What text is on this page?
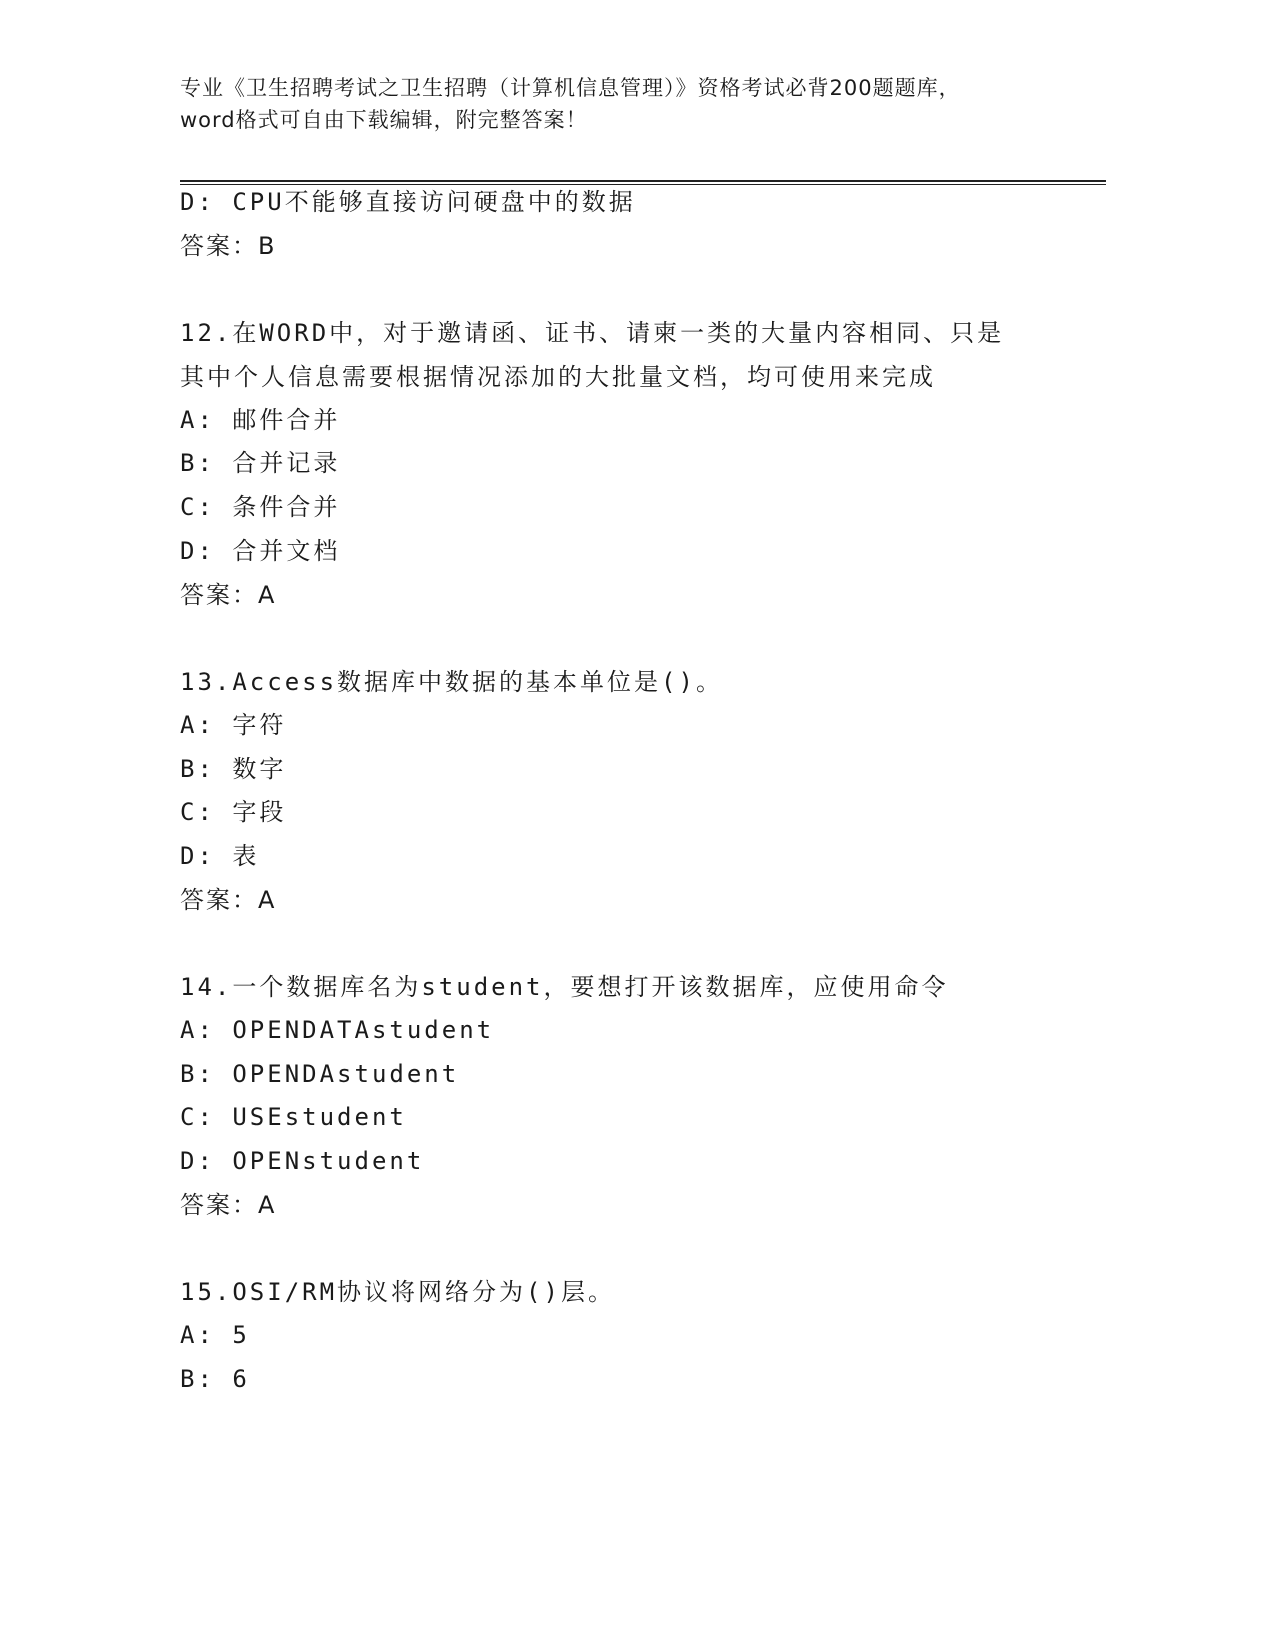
专业《卫生招聘考试之卫生招聘（计算机信息管理）》资格考试必背200题题库，
word格式可自由下载编辑，附完整答案！
D: CPU不能够直接访问硬盘中的数据
答案：B
12.在WORD中，对于邀请函、证书、请柬一类的大量内容相同、只是
其中个人信息需要根据情况添加的大批量文档，均可使用来完成
A: 邮件合并
B: 合并记录
C: 条件合并
D: 合并文档
答案：A
13.Access数据库中数据的基本单位是()。
A: 字符
B: 数字
C: 字段
D: 表
答案：A
14.一个数据库名为student，要想打开该数据库，应使用命令
A: OPENDATAstudent
B: OPENDAstudent
C: USEstudent
D: OPENstudent
答案：A
15.OSI/RM协议将网络分为()层。
A: 5
B: 6
